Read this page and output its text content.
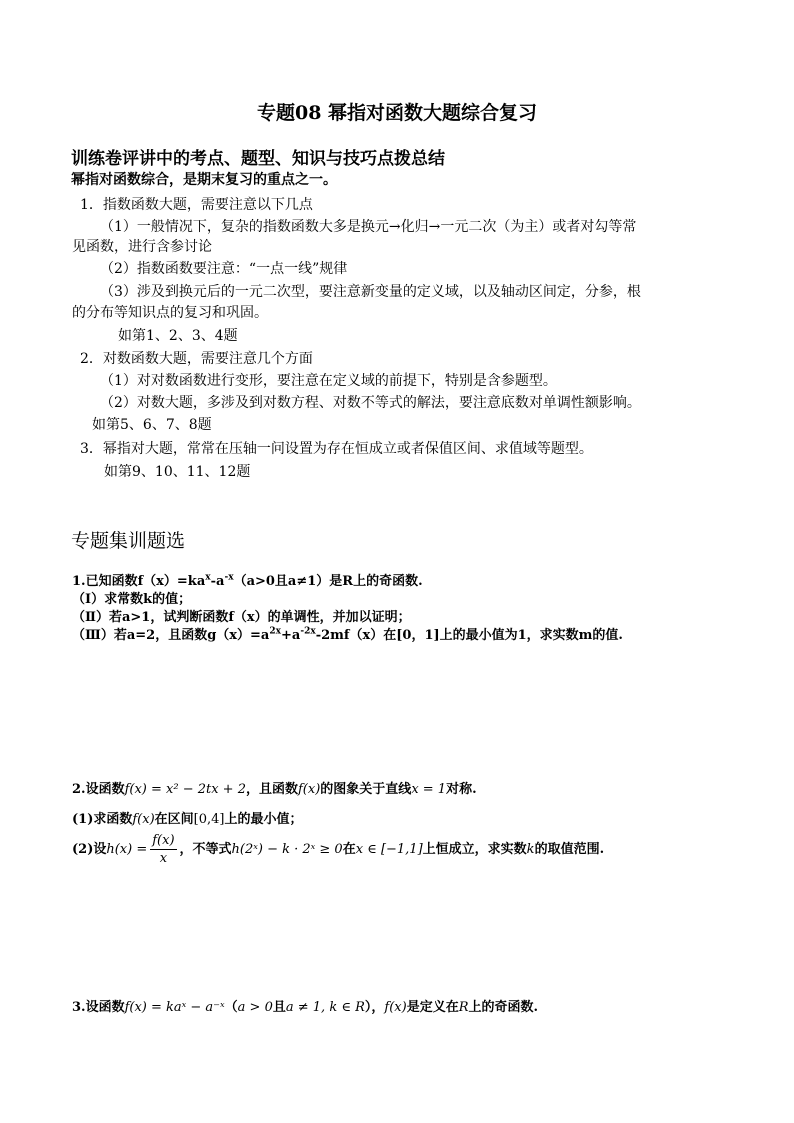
专题08 幂指对函数大题综合复习
训练卷评讲中的考点、题型、知识与技巧点拨总结
幂指对函数综合，是期末复习的重点之一。
1．指数函数大题，需要注意以下几点
（1）一般情况下，复杂的指数函数大多是换元→化归→一元二次（为主）或者对勾等常
见函数，进行含参讨论
（2）指数函数要注意：“一点一线”规律
（3）涉及到换元后的一元二次型，要注意新变量的定义域，以及轴动区间定，分参，根
的分布等知识点的复习和巩固。
如第1、2、3、4题
2．对数函数大题，需要注意几个方面
（1）对对数函数进行变形，要注意在定义域的前提下，特别是含参题型。
（2）对数大题，多涉及到对数方程、对数不等式的解法，要注意底数对单调性额影响。
如第5、6、7、8题
3．幂指对大题，常常在压轴一问设置为存在恒成立或者保值区间、求值域等题型。
如第9、10、11、12题
专题集训题选
1.已知函数$f(x)=ka^x-a^{-x}(a>0$且a≠1）是R上的奇函数.
（Ⅰ）求常数k的值；
（Ⅱ）若a>1，试判断函数f（x）的单调性，并加以证明；
（Ⅲ）若a=2，且函数$g(x)=a^{2x}+a^{-2x}-2mf(x)$在[0，1]上的最小值为1，求实数m的值.
2.设函数f(x) = x² − 2tx + 2，且函数f(x)的图象关于直线x = 1对称.
(1)求函数f(x)在区间[0,4]上的最小值；
(2)设$h(x) = \frac{f(x)}{x}$ ，不等式h(2ˣ) − k · 2ˣ ≥ 0在x ∈ [−1,1]上恒成立，求实数k的取值范围.
3.设函数f(x) = kaˣ − a⁻ˣ（a > 0且a ≠ 1, k ∈ R），f(x)是定义在R上的奇函数.
